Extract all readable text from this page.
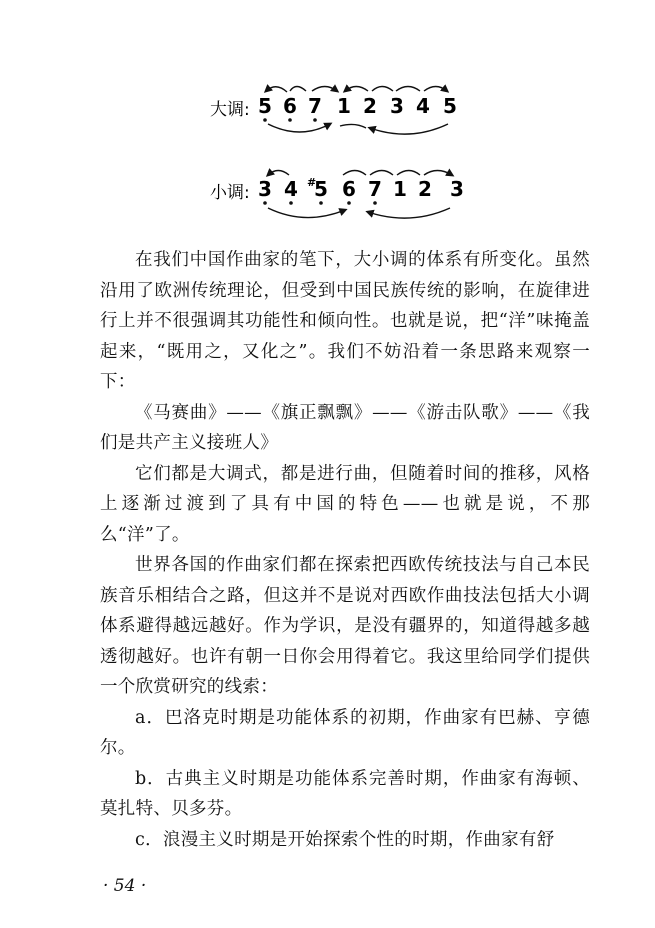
大调: 5 6 7 1 2 3 4 5
小调: 3 4 #
5 6 7 1 2 3

在我们中国作曲家的笔下，大小调的体系有所变化。虽然沿用了欧洲传统理论，但受到中国民族传统的影响，在旋律进行上并不很强调其功能性和倾向性。也就是说，把“洋”味掩盖起来，“既用之，又化之”。我们不妨沿着一条思路来观察一下：

《马赛曲》——《旗正飘飘》——《游击队歌》——《我们是共产主义接班人》

它们都是大调式，都是进行曲，但随着时间的推移，风格上逐渐过渡到了具有中国的特色——也就是说，不那么“洋”了。

世界各国的作曲家们都在探索把西欧传统技法与自己本民族音乐相结合之路，但这并不是说对西欧作曲技法包括大小调体系避得越远越好。作为学识，是没有疆界的，知道得越多越透彻越好。也许有朝一日你会用得着它。我这里给同学们提供一个欣赏研究的线索：

a．巴洛克时期是功能体系的初期，作曲家有巴赫、亨德尔。

b．古典主义时期是功能体系完善时期，作曲家有海顿、莫扎特、贝多芬。

c．浪漫主义时期是开始探索个性的时期，作曲家有舒

· 54 ·
